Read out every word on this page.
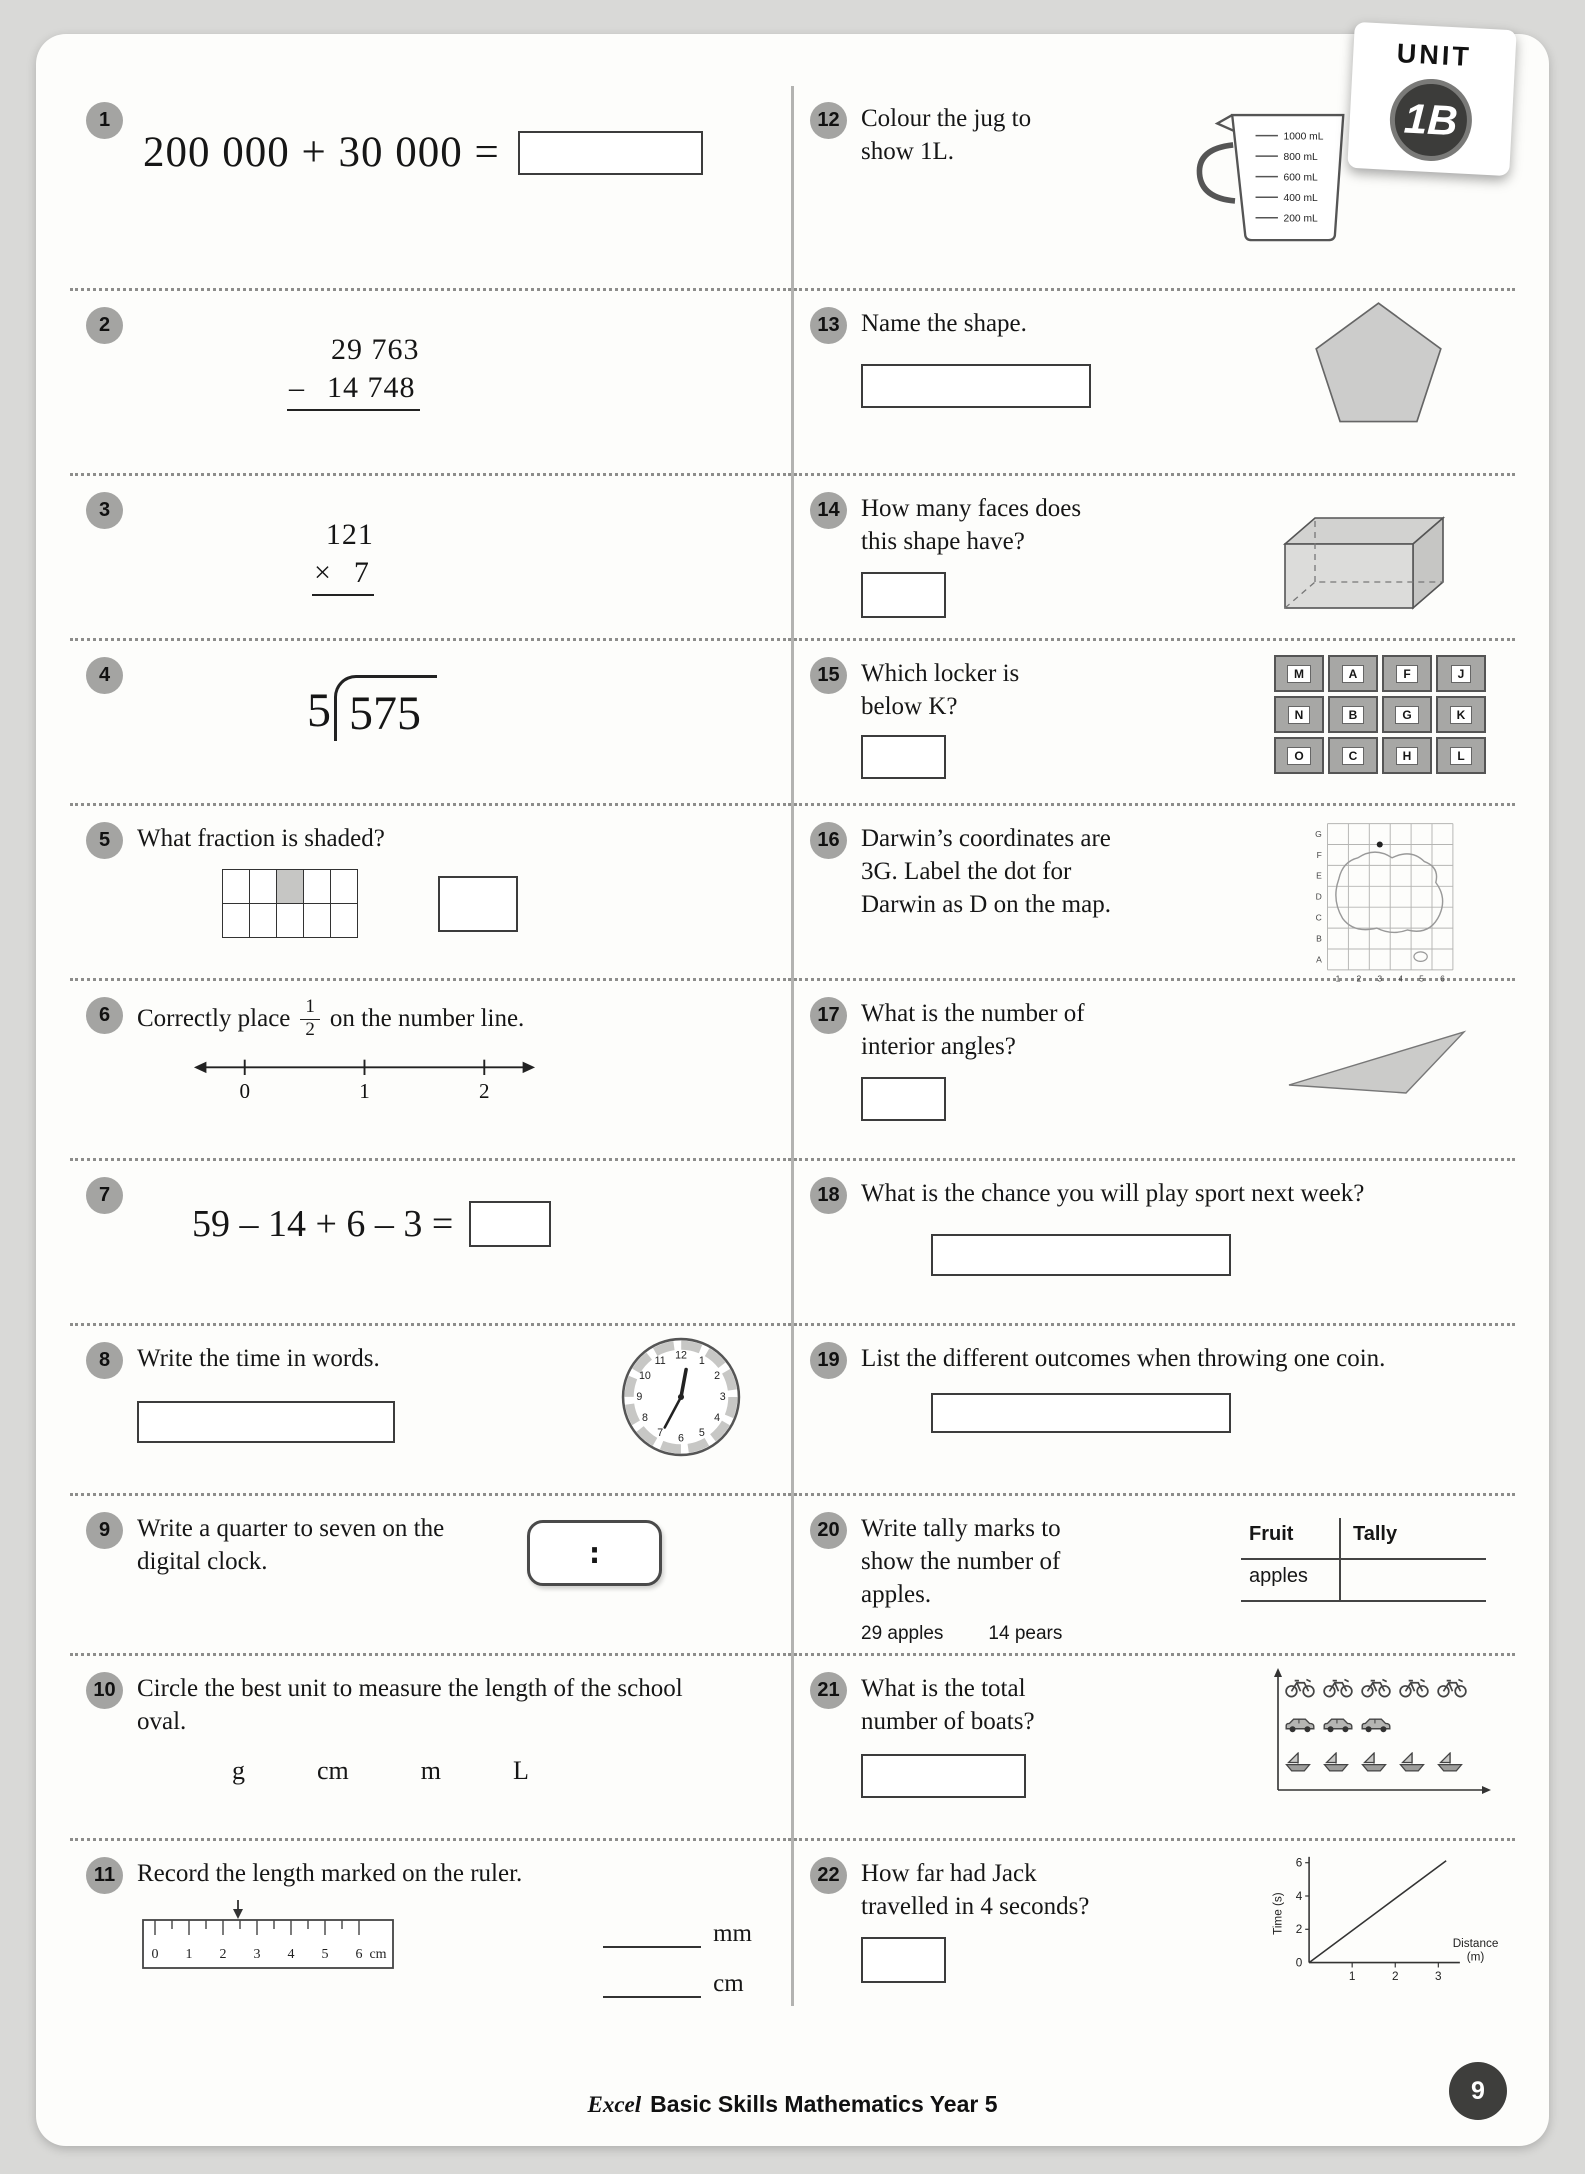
1
200 000 + 30 000 =
12 Colour the jug to show 1L.
1000 mL
800 mL
600 mL
400 mL
200 mL
2
29 763
– 14 748
13 Name the shape.
3
121
× 7
14 How many faces does this shape have?
4
5 575
15 Which locker is below K?
M	A	F	J
N	B	G	K
O	C	H	L
5	What fraction is shaded?	16 Darwin’s coordinates are 3G. Label the dot for Darwin as D on the map.
G
F
E
D
C
B
A
1 2 3 4 5 6
6	Correctly place $\frac{1}{2}$ on the number line.
0	1	2
17 What is the number of interior angles?
7
59 – 14 + 6 – 3 =
18 What is the chance you will play sport next week?
8	Write the time in words.	12 1
2
3
4
5
6
7
8
9
10
11	19 List the different outcomes when throwing one coin.
9	Write a quarter to seven on the digital clock.	:
20 Write tally marks to show the number of apples.
29 apples 14 pears
Fruit	Tally
apples
10 Circle the best unit to measure the length of the school oval.
g	cm	m	L
21 What is the total number of boats?
11 Record the length marked on the ruler.
0 1 2 3 4 5 6 cm
mm
cm
22 How far had Jack travelled in 4 seconds?
6
4
2
0
1	2	3
Time (s)
Distance
(m)
Excel Basic Skills Mathematics Year 5	9
UNIT
1B
